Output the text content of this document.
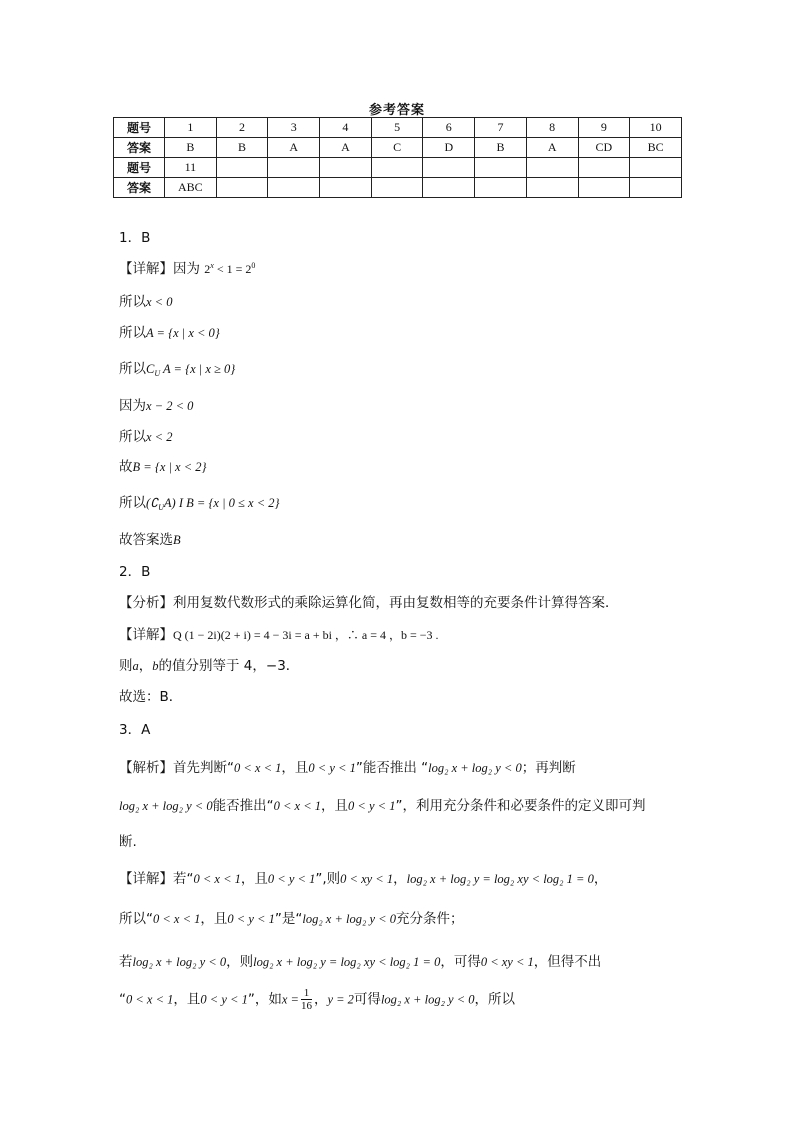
参考答案
题号	1	2	3	4	5	6	7	8	9	10
答案	B	B	A	A	C	D	B	A	CD	BC
题号	11									
答案	ABC									
1．B
【详解】因为 $2^x < 1 = 2^0$
所以x < 0
所以A = {x | x < 0}
所以$C_U$ A = {x | x ≥ 0}
因为x − 2 < 0
所以x < 2
故B = {x | x < 2}
所以$(∁_UA)$ I B = {x | 0 ≤ x < 2}
故答案选B
2．B
【分析】利用复数代数形式的乘除运算化简，再由复数相等的充要条件计算得答案．
【详解】Q (1 − 2i)(2 + i) = 4 − 3i = a + bi ，∴ a = 4 ，b = −3 .
则a，b的值分别等于 4，−3．
故选：B．
3．A
【解析】首先判断“0 < x < 1，且0 < y < 1”能否推出 “log₂ x + log₂ y < 0；再判断
log₂ x + log₂ y < 0能否推出“0 < x < 1，且0 < y < 1”，利用充分条件和必要条件的定义即可判
断.
【详解】若“0 < x < 1，且0 < y < 1”,则0 < xy < 1，log₂ x + log₂ y = log₂ xy < log₂ 1 = 0，
所以“0 < x < 1，且0 < y < 1”是“log₂ x + log₂ y < 0充分条件；
若log₂ x + log₂ y < 0，则log₂ x + log₂ y = log₂ xy < log₂ 1 = 0，可得0 < xy < 1，但得不出
“0 < x < 1，且0 < y < 1”，如$x = \frac{1}{16}$ ，y = 2可得log₂ x + log₂ y < 0，所以
